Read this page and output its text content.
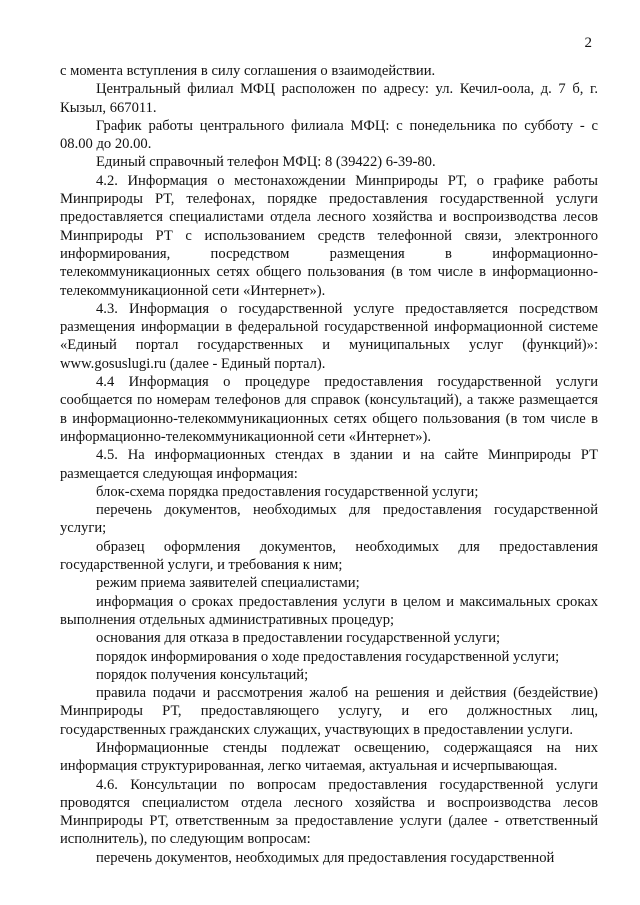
2

с момента вступления в силу соглашения о взаимодействии.

Центральный филиал МФЦ расположен по адресу: ул. Кечил-оола, д. 7 б, г. Кызыл, 667011.

График работы центрального филиала МФЦ: с понедельника по субботу - с 08.00 до 20.00.

Единый справочный телефон МФЦ: 8 (39422) 6-39-80.

4.2. Информация о местонахождении Минприроды РТ, о графике работы Минприроды РТ, телефонах, порядке предоставления государственной услуги предоставляется специалистами отдела лесного хозяйства и воспроизводства лесов Минприроды РТ с использованием средств телефонной связи, электронного информирования, посредством размещения в информационно-телекоммуникационных сетях общего пользования (в том числе в информационно-телекоммуникационной сети «Интернет»).

4.3. Информация о государственной услуге предоставляется посредством размещения информации в федеральной государственной информационной системе «Единый портал государственных и муниципальных услуг (функций)»: www.gosuslugi.ru (далее - Единый портал).

4.4 Информация о процедуре предоставления государственной услуги сообщается по номерам телефонов для справок (консультаций), а также размещается в информационно-телекоммуникационных сетях общего пользования (в том числе в информационно-телекоммуникационной сети «Интернет»).

4.5. На информационных стендах в здании и на сайте Минприроды РТ размещается следующая информация:

блок-схема порядка предоставления государственной услуги;

перечень документов, необходимых для предоставления государственной услуги;

образец оформления документов, необходимых для предоставления государственной услуги, и требования к ним;

режим приема заявителей специалистами;

информация о сроках предоставления услуги в целом и максимальных сроках выполнения отдельных административных процедур;

основания для отказа в предоставлении государственной услуги;

порядок информирования о ходе предоставления государственной услуги;

порядок получения консультаций;

правила подачи и рассмотрения жалоб на решения и действия (бездействие) Минприроды РТ, предоставляющего услугу, и его должностных лиц, государственных гражданских служащих, участвующих в предоставлении услуги.

Информационные стенды подлежат освещению, содержащаяся на них информация структурированная, легко читаемая, актуальная и исчерпывающая.

4.6. Консультации по вопросам предоставления государственной услуги проводятся специалистом отдела лесного хозяйства и воспроизводства лесов Минприроды РТ, ответственным за предоставление услуги (далее - ответственный исполнитель), по следующим вопросам:

перечень документов, необходимых для предоставления государственной
